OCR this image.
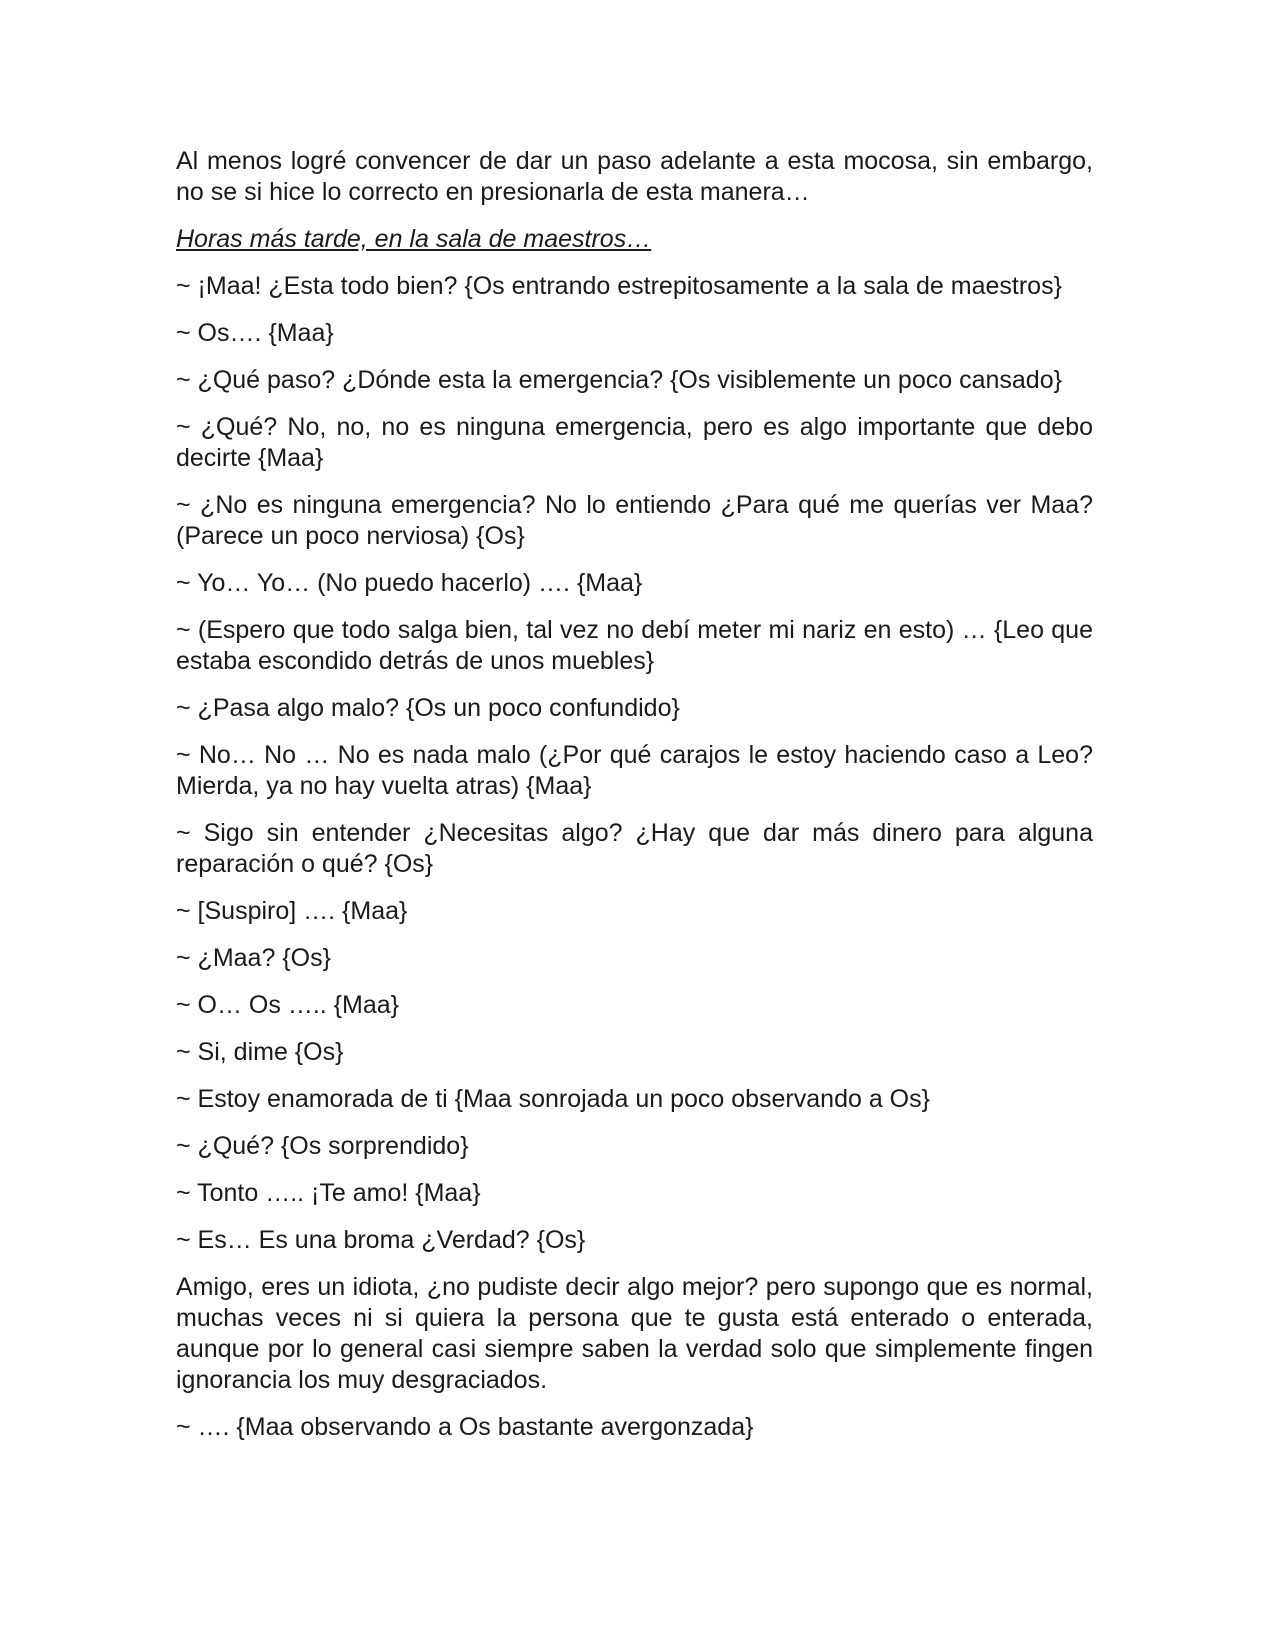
Al menos logré convencer de dar un paso adelante a esta mocosa, sin embargo, no se si hice lo correcto en presionarla de esta manera…

Horas más tarde, en la sala de maestros…

~ ¡Maa! ¿Esta todo bien? {Os entrando estrepitosamente a la sala de maestros}

~ Os…. {Maa}

~ ¿Qué paso? ¿Dónde esta la emergencia? {Os visiblemente un poco cansado}

~ ¿Qué? No, no, no es ninguna emergencia, pero es algo importante que debo decirte {Maa}

~ ¿No es ninguna emergencia? No lo entiendo ¿Para qué me querías ver Maa? (Parece un poco nerviosa) {Os}

~ Yo… Yo… (No puedo hacerlo) …. {Maa}

~ (Espero que todo salga bien, tal vez no debí meter mi nariz en esto) … {Leo que estaba escondido detrás de unos muebles}

~ ¿Pasa algo malo? {Os un poco confundido}

~ No… No … No es nada malo (¿Por qué carajos le estoy haciendo caso a Leo? Mierda, ya no hay vuelta atras) {Maa}

~ Sigo sin entender ¿Necesitas algo? ¿Hay que dar más dinero para alguna reparación o qué? {Os}

~ [Suspiro] …. {Maa}

~ ¿Maa? {Os}

~ O… Os ….. {Maa}

~ Si, dime {Os}

~ Estoy enamorada de ti {Maa sonrojada un poco observando a Os}

~ ¿Qué? {Os sorprendido}

~ Tonto ….. ¡Te amo! {Maa}

~ Es… Es una broma ¿Verdad? {Os}

Amigo, eres un idiota, ¿no pudiste decir algo mejor? pero supongo que es normal, muchas veces ni si quiera la persona que te gusta está enterado o enterada, aunque por lo general casi siempre saben la verdad solo que simplemente fingen ignorancia los muy desgraciados.

~ …. {Maa observando a Os bastante avergonzada}
